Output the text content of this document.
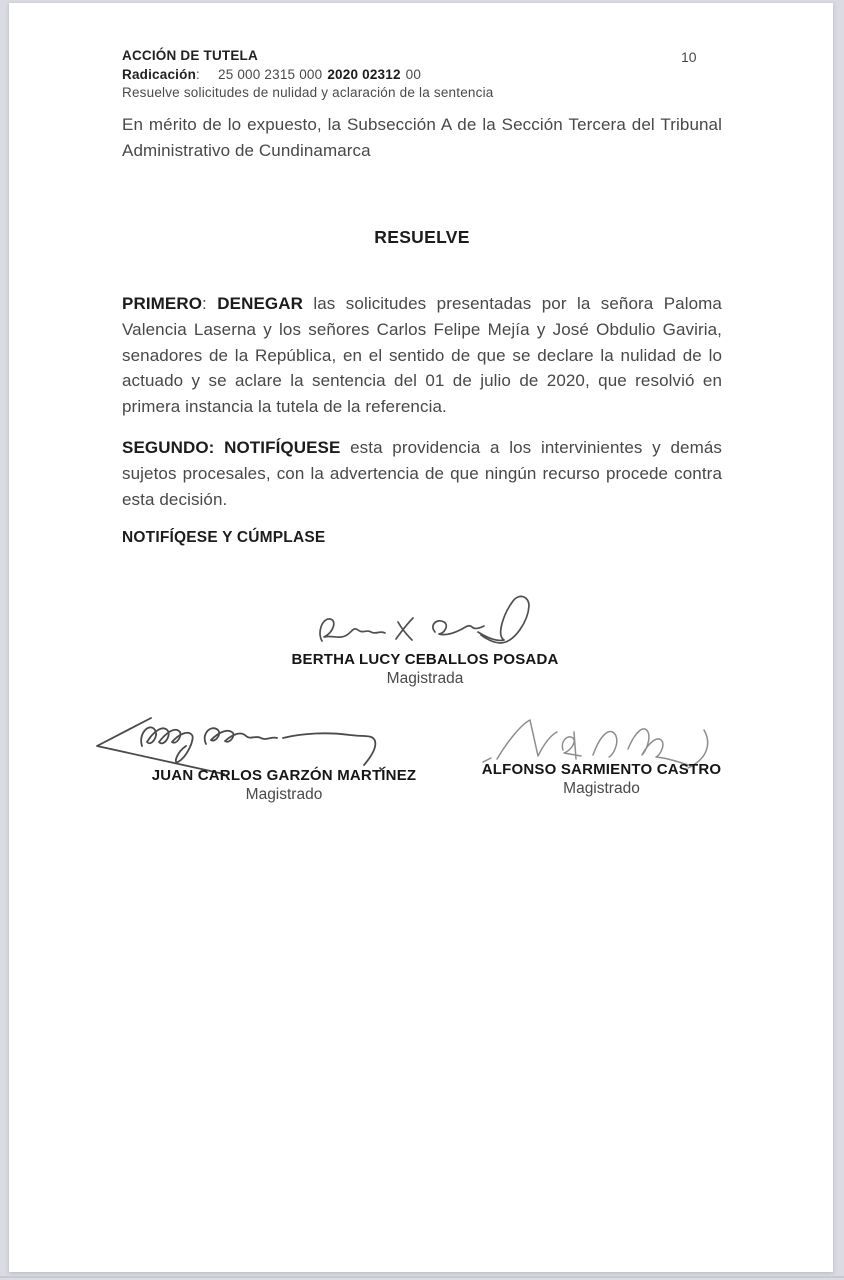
ACCIÓN DE TUTELA
Radicación: 25 000 2315 000 2020 02312 00
Resuelve solicitudes de nulidad y aclaración de la sentencia
10

En mérito de lo expuesto, la Subsección A de la Sección Tercera del Tribunal Administrativo de Cundinamarca

RESUELVE

PRIMERO: DENEGAR las solicitudes presentadas por la señora Paloma Valencia Laserna y los señores Carlos Felipe Mejía y José Obdulio Gaviria, senadores de la República, en el sentido de que se declare la nulidad de lo actuado y se aclare la sentencia del 01 de julio de 2020, que resolvió en primera instancia la tutela de la referencia.

SEGUNDO: NOTIFÍQUESE esta providencia a los intervinientes y demás sujetos procesales, con la advertencia de que ningún recurso procede contra esta decisión.

NOTIFÍQESE Y CÚMPLASE
BERTHA LUCY CEBALLOS POSADA
Magistrada
JUAN CARLOS GARZÓN MARTÍNEZ
Magistrado
ALFONSO SARMIENTO CASTRO
Magistrado
